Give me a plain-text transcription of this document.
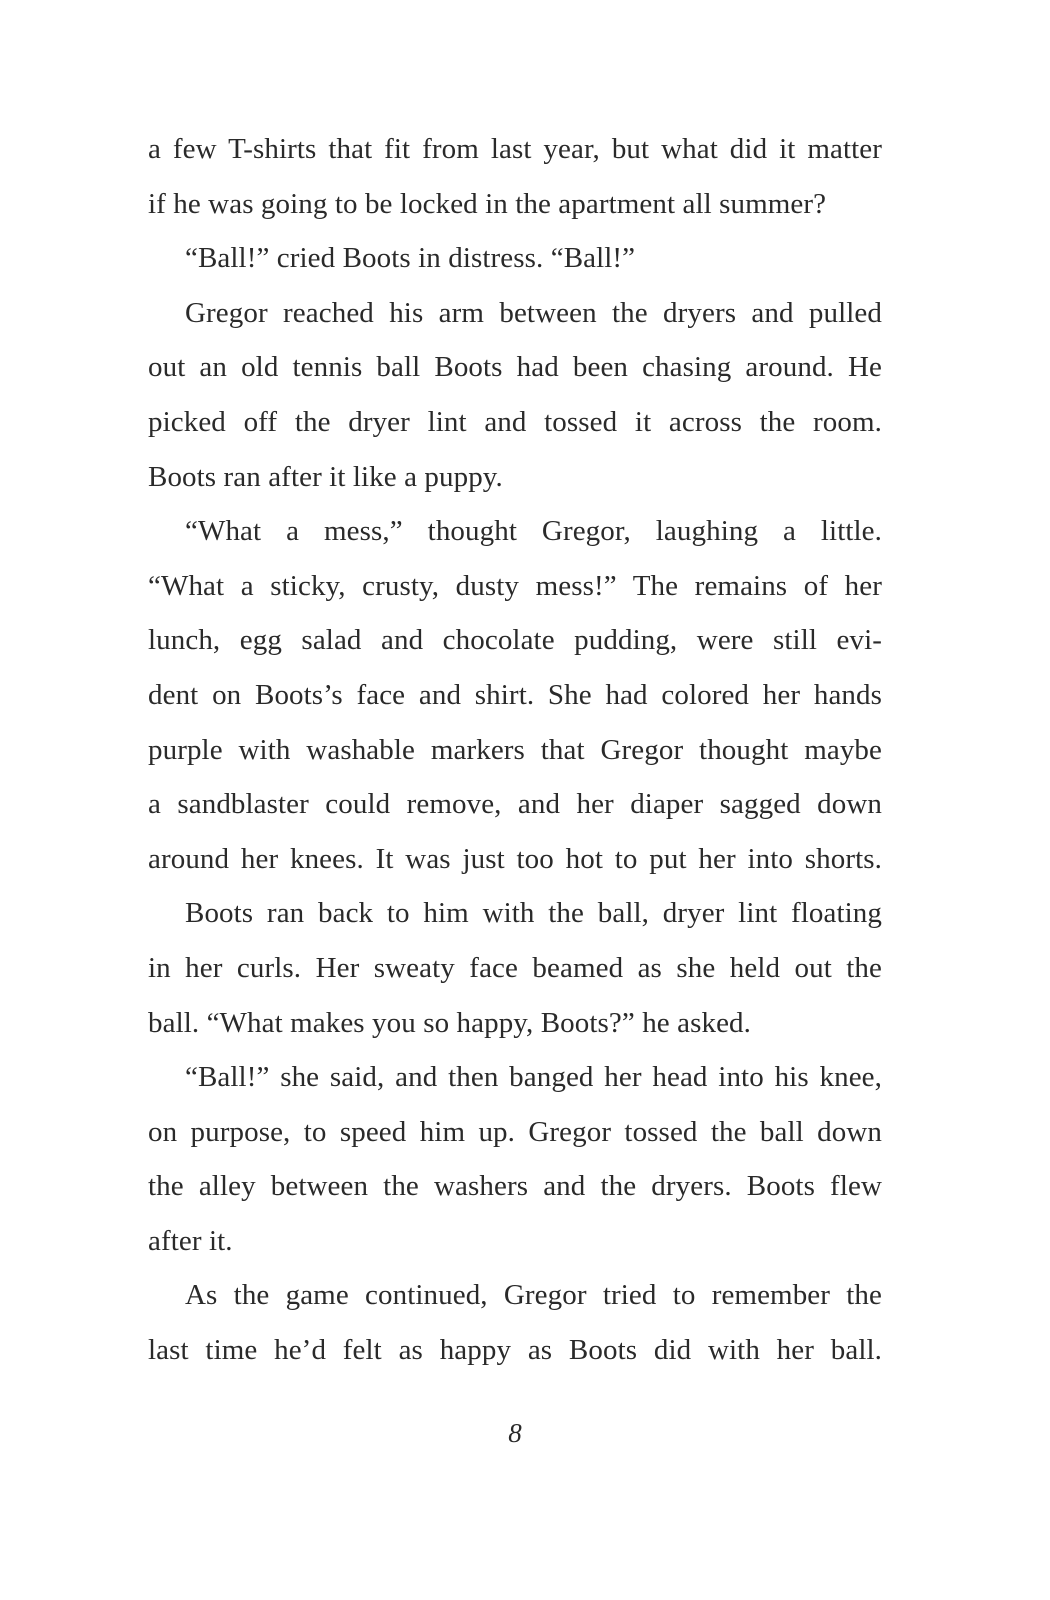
a few T-shirts that fit from last year, but what did it matter
if he was going to be locked in the apartment all summer?
“Ball!” cried Boots in distress. “Ball!”
Gregor reached his arm between the dryers and pulled
out an old tennis ball Boots had been chasing around. He
picked off the dryer lint and tossed it across the room.
Boots ran after it like a puppy.
“What a mess,” thought Gregor, laughing a little.
“What a sticky, crusty, dusty mess!” The remains of her
lunch, egg salad and chocolate pudding, were still evi-
dent on Boots’s face and shirt. She had colored her hands
purple with washable markers that Gregor thought maybe
a sandblaster could remove, and her diaper sagged down
around her knees. It was just too hot to put her into shorts.
Boots ran back to him with the ball, dryer lint floating
in her curls. Her sweaty face beamed as she held out the
ball. “What makes you so happy, Boots?” he asked.
“Ball!” she said, and then banged her head into his knee,
on purpose, to speed him up. Gregor tossed the ball down
the alley between the washers and the dryers. Boots flew
after it.
As the game continued, Gregor tried to remember the
last time he’d felt as happy as Boots did with her ball.
8
